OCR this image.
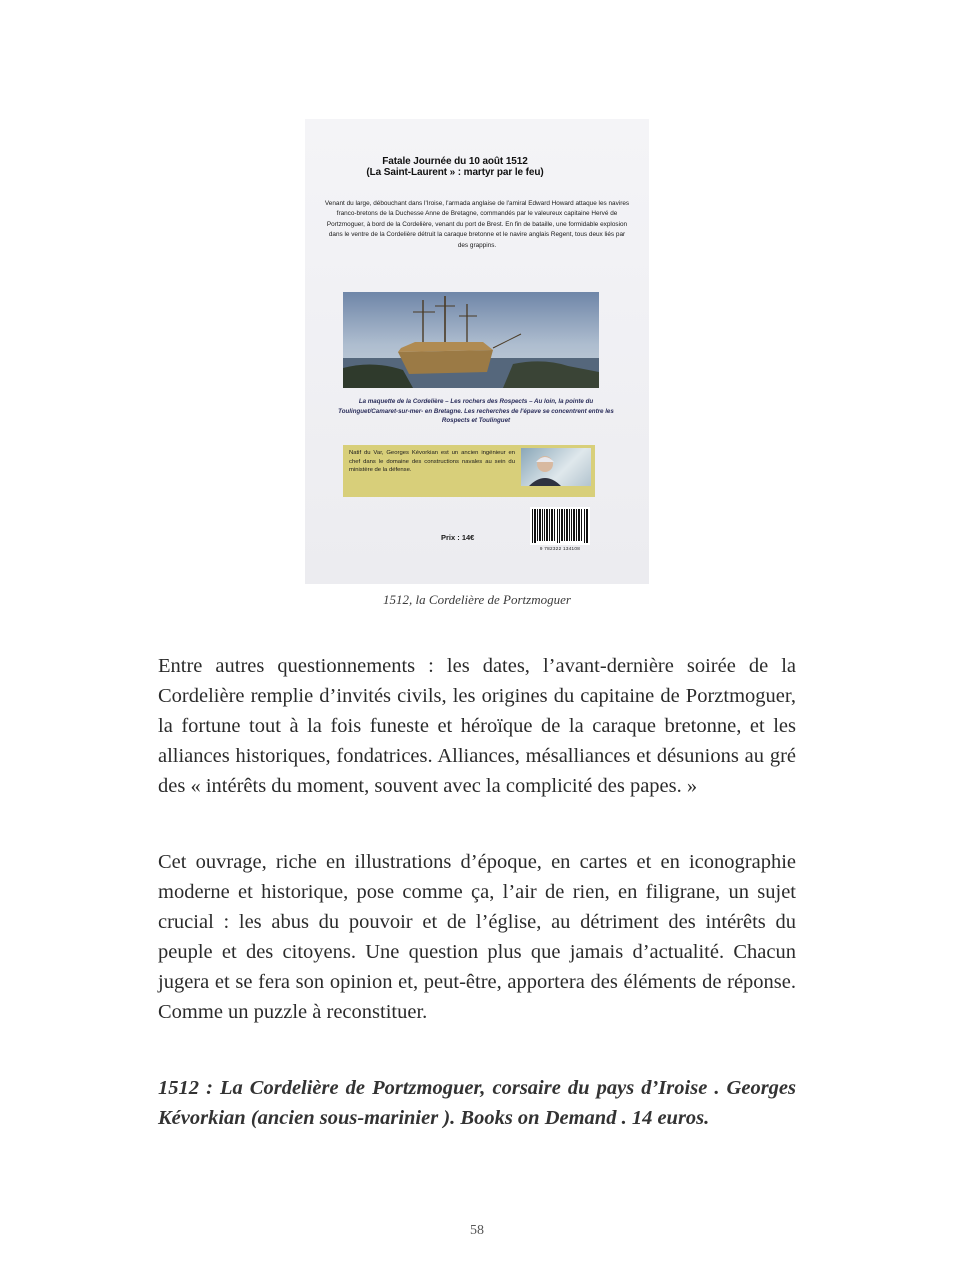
Fatale Journée du 10 août 1512
(La Saint-Laurent » : martyr par le feu)
Venant du large, débouchant dans l'Iroise, l'armada anglaise de l'amiral Edward Howard attaque les navires franco-bretons de la Duchesse Anne de Bretagne, commandés par le valeureux capitaine Hervé de Portzmoguer, à bord de la Cordelière, venant du port de Brest. En fin de bataille, une formidable explosion dans le ventre de la Cordelière détruit la caraque bretonne et le navire anglais Regent, tous deux liés par des grappins.
La maquette de la Cordelière – Les rochers des Rospects – Au loin, la pointe du Toulinguet/Camaret-sur-mer- en Bretagne. Les recherches de l'épave se concentrent entre les Rospects et Toulinguet
Natif du Var, Georges Kévorkian est un ancien ingénieur en chef dans le domaine des constructions navales au sein du ministère de la défense.
Prix : 14€
9 782322 134108
1512, la Cordelière de Portzmoguer

Entre autres questionnements : les dates, l’avant-dernière soirée de la Cordelière remplie d’invités civils, les origines du capitaine de Porztmoguer, la fortune tout à la fois funeste et héroïque de la caraque bretonne, et les alliances historiques, fondatrices. Alliances, mésalliances et désunions au gré des « intérêts du moment, souvent avec la complicité des papes. »

Cet ouvrage, riche en illustrations d’époque, en cartes et en iconographie moderne et historique, pose comme ça, l’air de rien, en filigrane, un sujet crucial : les abus du pouvoir et de l’église, au détriment des intérêts du peuple et des citoyens. Une question plus que jamais d’actualité. Chacun jugera et se fera son opinion et, peut-être, apportera des éléments de réponse. Comme un puzzle à reconstituer.

1512 : La Cordelière de Portzmoguer, corsaire du pays d’Iroise . Georges Kévorkian (ancien sous-marinier ). Books on Demand . 14 euros.

58
